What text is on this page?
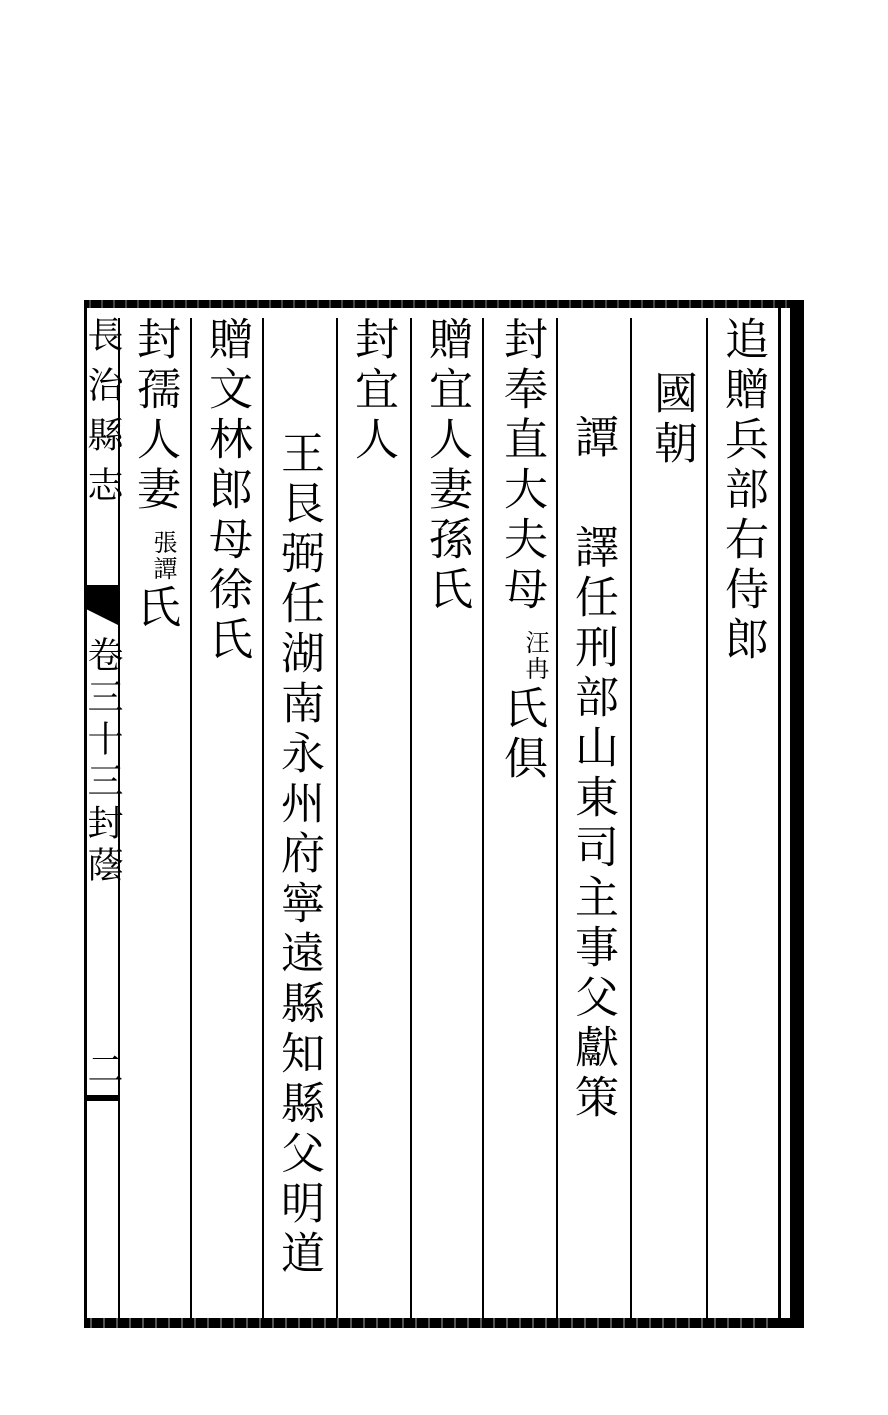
追贈兵部右侍郎
國朝
譚
譯任刑部山東司主事父獻策
封奉直大夫母
汪冉
氏俱
贈宜人妻孫氏
封宜人
王艮弼任湖南永州府寧遠縣知縣父明道
贈文林郎母徐氏
封孺人妻
張譚
氏
長治縣志
卷三十三封蔭
二
